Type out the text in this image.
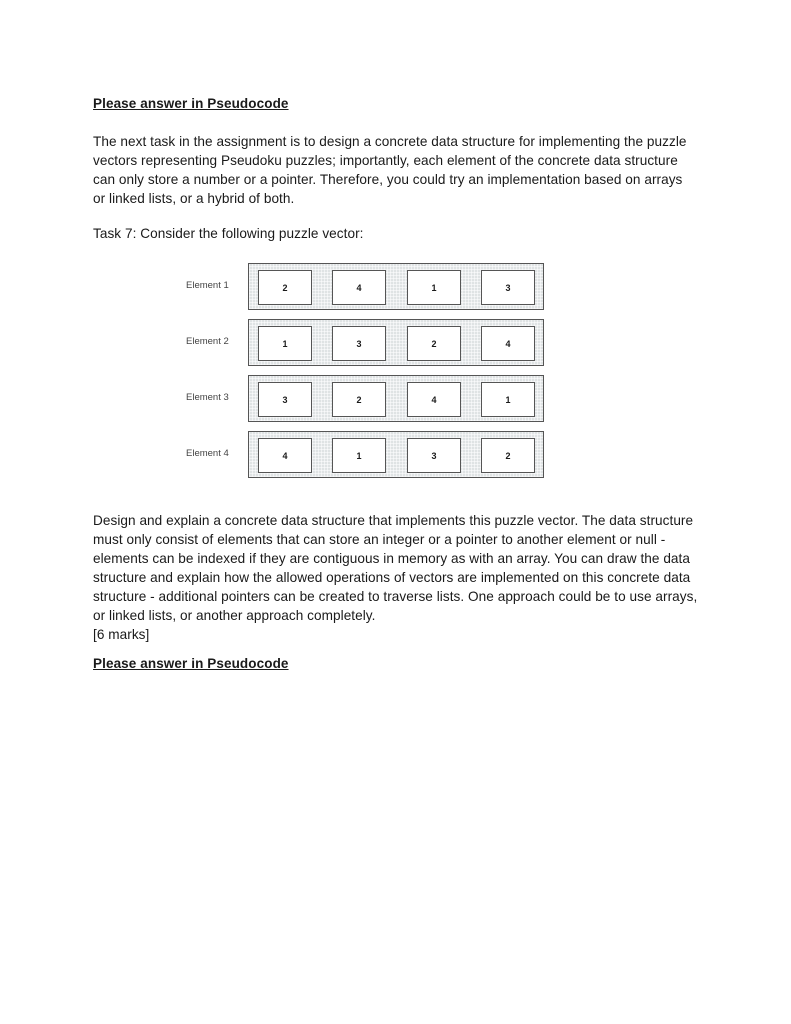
Please answer in Pseudocode

The next task in the assignment is to design a concrete data structure for implementing the puzzle vectors representing Pseudoku puzzles; importantly, each element of the concrete data structure can only store a number or a pointer. Therefore, you could try an implementation based on arrays or linked lists, or a hybrid of both.

Task 7: Consider the following puzzle vector:

Element 1	2	4	1	3
Element 2	1	3	2	4
Element 3	3	2	4	1
Element 4	4	1	3	2

Design and explain a concrete data structure that implements this puzzle vector. The data structure must only consist of elements that can store an integer or a pointer to another element or null - elements can be indexed if they are contiguous in memory as with an array. You can draw the data structure and explain how the allowed operations of vectors are implemented on this concrete data structure - additional pointers can be created to traverse lists. One approach could be to use arrays, or linked lists, or another approach completely.

[6 marks]

Please answer in Pseudocode
